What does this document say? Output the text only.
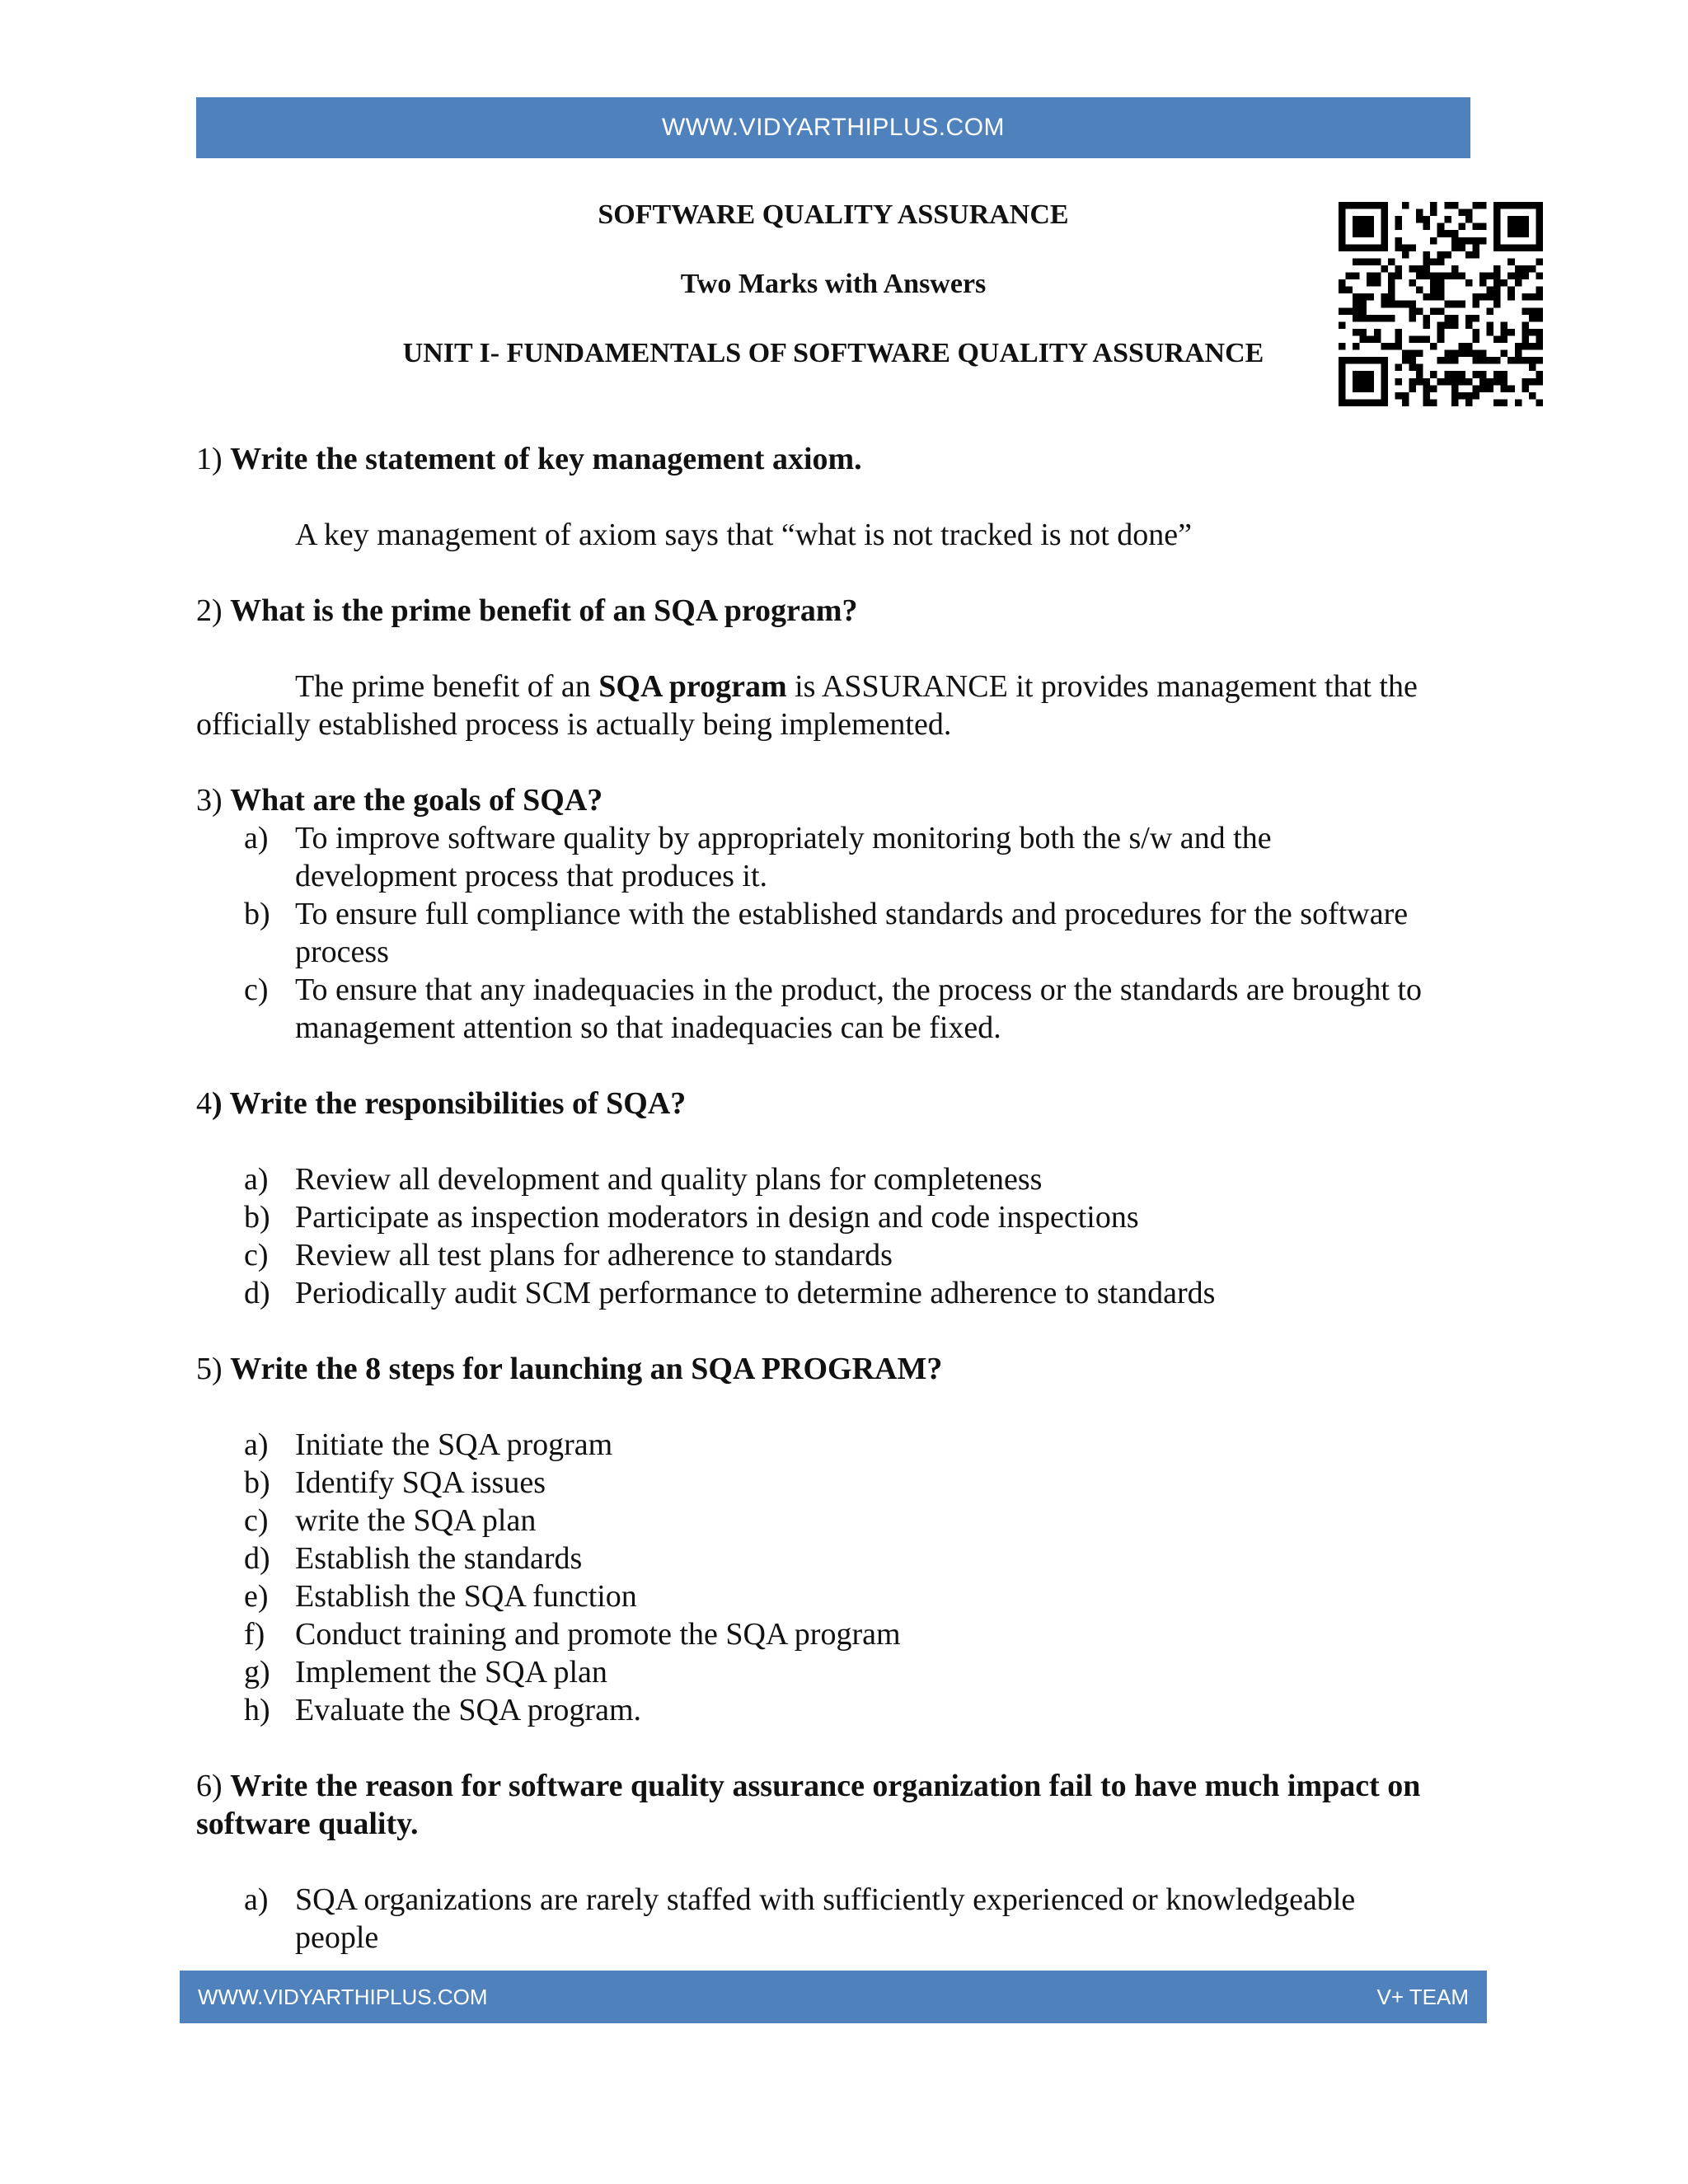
WWW.VIDYARTHIPLUS.COM
SOFTWARE QUALITY ASSURANCE
Two Marks with Answers
UNIT I- FUNDAMENTALS OF SOFTWARE QUALITY ASSURANCE

1) Write the statement of key management axiom.

A key management of axiom says that “what is not tracked is not done”

2) What is the prime benefit of an SQA program?

The prime benefit of an SQA program is ASSURANCE it provides management that the officially established process is actually being implemented.

3) What are the goals of SQA?

a) To improve software quality by appropriately monitoring both the s/w and the development process that produces it.
b) To ensure full compliance with the established standards and procedures for the software process
c) To ensure that any inadequacies in the product, the process or the standards are brought to management attention so that inadequacies can be fixed.

4) Write the responsibilities of SQA?

a) Review all development and quality plans for completeness
b) Participate as inspection moderators in design and code inspections
c) Review all test plans for adherence to standards
d) Periodically audit SCM performance to determine adherence to standards

5) Write the 8 steps for launching an SQA PROGRAM?

a) Initiate the SQA program
b) Identify SQA issues
c) write the SQA plan
d) Establish the standards
e) Establish the SQA function
f) Conduct training and promote the SQA program
g) Implement the SQA plan
h) Evaluate the SQA program.

6) Write the reason for software quality assurance organization fail to have much impact on software quality.

a) SQA organizations are rarely staffed with sufficiently experienced or knowledgeable people
WWW.VIDYARTHIPLUS.COM	V+ TEAM
